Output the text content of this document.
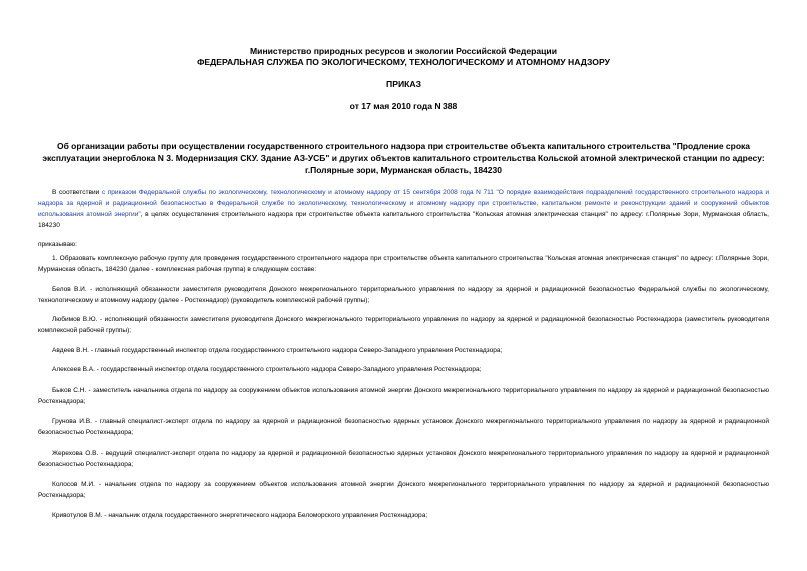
Министерство природных ресурсов и экологии Российской Федерации
ФЕДЕРАЛЬНАЯ СЛУЖБА ПО ЭКОЛОГИЧЕСКОМУ, ТЕХНОЛОГИЧЕСКОМУ И АТОМНОМУ НАДЗОРУ
ПРИКАЗ
от 17 мая 2010 года N 388
Об организации работы при осуществлении государственного строительного надзора при строительстве объекта капитального строительства "Продление срока эксплуатации энергоблока N 3. Модернизация СКУ. Здание АЗ-УСБ" и других объектов капитального строительства Кольской атомной электрической станции по адресу: г.Полярные зори, Мурманская область, 184230
В соответствии с приказом Федеральной службы по экологическому, технологическому и атомному надзору от 15 сентября 2008 года N 711 "О порядке взаимодействия подразделений государственного строительного надзора и надзора за ядерной и радиационной безопасностью в Федеральной службе по экологическому, технологическому и атомному надзору при строительстве, капитальном ремонте и реконструкции зданий и сооружений объектов использования атомной энергии", в целях осуществления строительного надзора при строительстве объекта капитального строительства "Кольская атомная электрическая станция" по адресу: г.Полярные Зори, Мурманская область, 184230
приказываю:
1. Образовать комплексную рабочую группу для проведения государственного строительного надзора при строительстве объекта капитального строительства "Кольская атомная электрическая станция" по адресу: г.Полярные Зори, Мурманская область, 184230 (далее - комплексная рабочая группа) в следующем составе:
Белов В.И. - исполняющий обязанности заместителя руководителя Донского межрегионального территориального управления по надзору за ядерной и радиационной безопасностью Федеральной службы по экологическому, технологическому и атомному надзору (далее - Ростехнадзор) (руководитель комплексной рабочей группы);
Любимов В.Ю. - исполняющий обязанности заместителя руководителя Донского межрегионального территориального управления по надзору за ядерной и радиационной безопасностью Ростехнадзора (заместитель руководителя комплексной рабочей группы);
Авдеев В.Н. - главный государственный инспектор отдела государственного строительного надзора Северо-Западного управления Ростехнадзора;
Алексеев В.А. - государственный инспектор отдела государственного строительного надзора Северо-Западного управления Ростехнадзора;
Быков С.Н. - заместитель начальника отдела по надзору за сооружением объектов использования атомной энергии Донского межрегионального территориального управления по надзору за ядерной и радиационной безопасностью Ростехнадзора;
Грунова И.В. - главный специалист-эксперт отдела по надзору за ядерной и радиационной безопасностью ядерных установок Донского межрегионального территориального управления по надзору за ядерной и радиационной безопасностью Ростехнадзора;
Жерехова О.В. - ведущий специалист-эксперт отдела по надзору за ядерной и радиационной безопасностью ядерных установок Донского межрегионального территориального управления по надзору за ядерной и радиационной безопасностью Ростехнадзора;
Колосов М.И. - начальник отдела по надзору за сооружением объектов использования атомной энергии Донского межрегионального территориального управления по надзору за ядерной и радиационной безопасностью Ростехнадзора;
Кривотулов В.М. - начальник отдела государственного энергетического надзора Беломорского управления Ростехнадзора;
